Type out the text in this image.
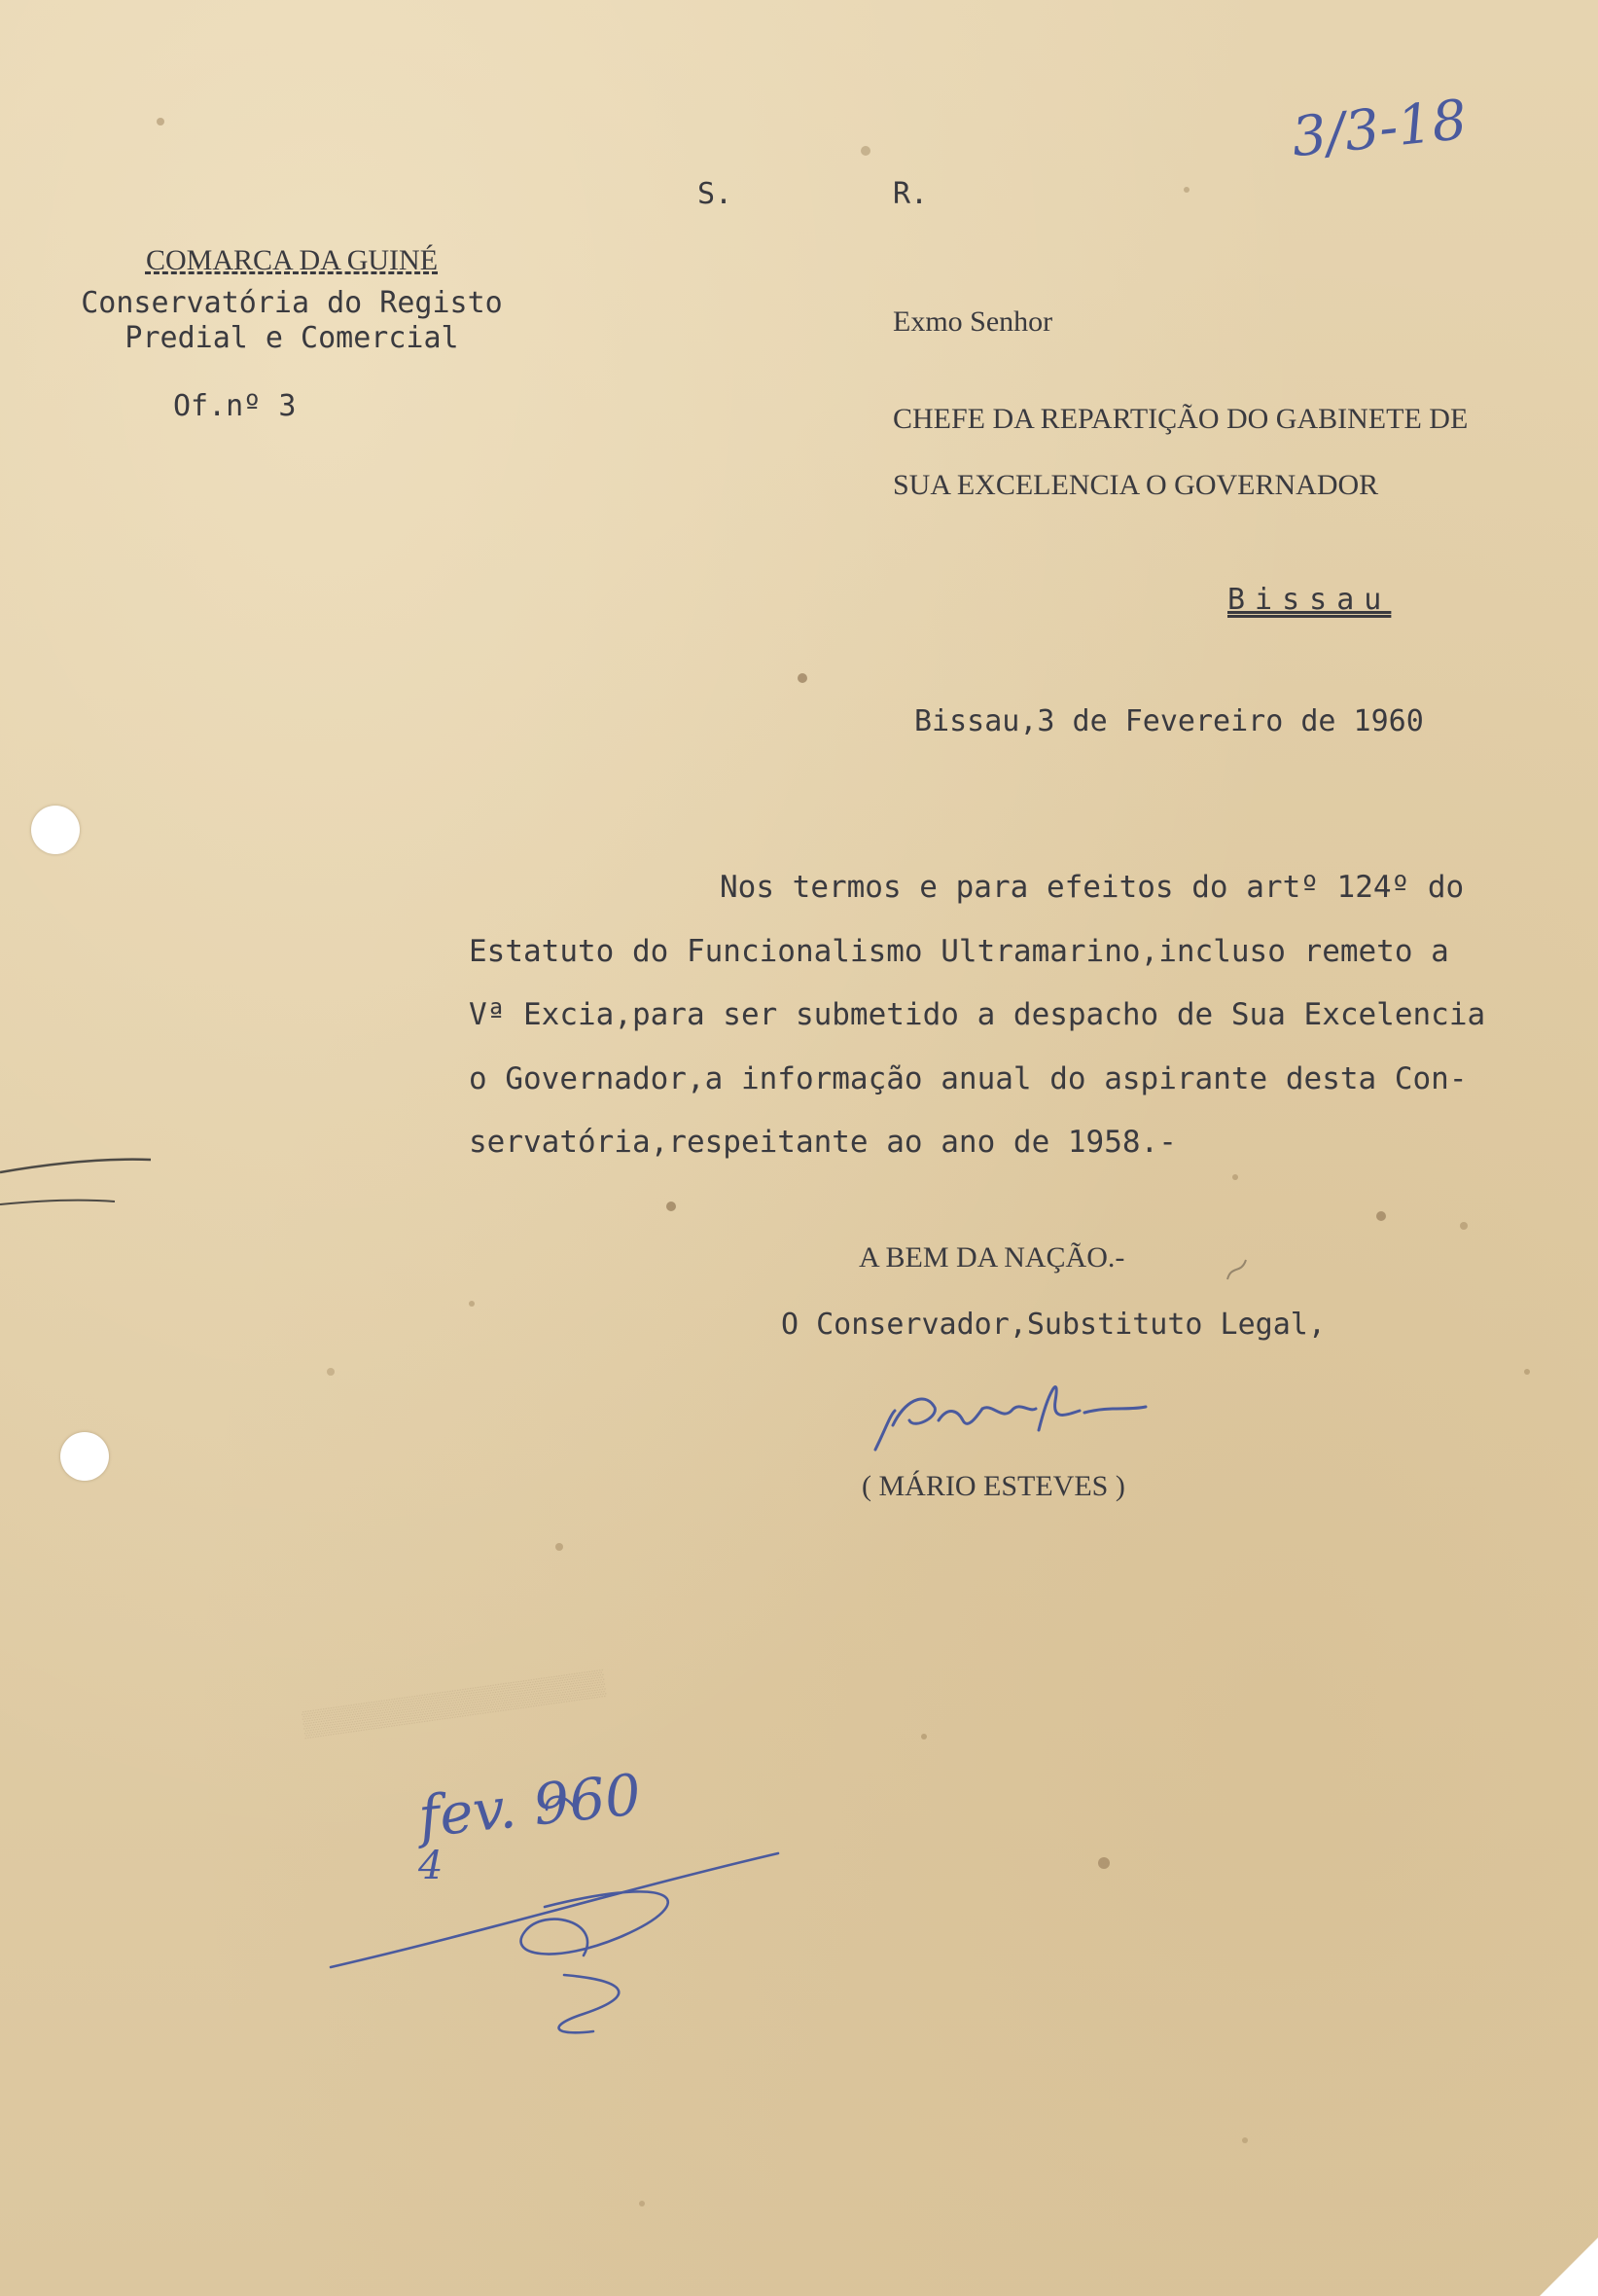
▒▒▒▒▒▒▒▒▒▒▒▒▒▒▒▒▒
3/3-18
S.	R.
COMARCA DA GUINÉ
Conservatória do Registo
Predial e Comercial
Of.nº 3
Exmo Senhor
CHEFE DA REPARTIÇÃO DO GABINETE DE
SUA EXCELENCIA O GOVERNADOR
Bissau
Bissau,3 de Fevereiro de 1960
Nos termos e para efeitos do artº 124º do
Estatuto do Funcionalismo Ultramarino,incluso remeto a
Vª Excia,para ser submetido a despacho de Sua Excelencia
o Governador,a informação anual do aspirante desta Con-
servatória,respeitante ao ano de 1958.-
A BEM DA NAÇÃO.-
O Conservador,Substituto Legal,
( MÁRIO ESTEVES )
fev. 960
4
